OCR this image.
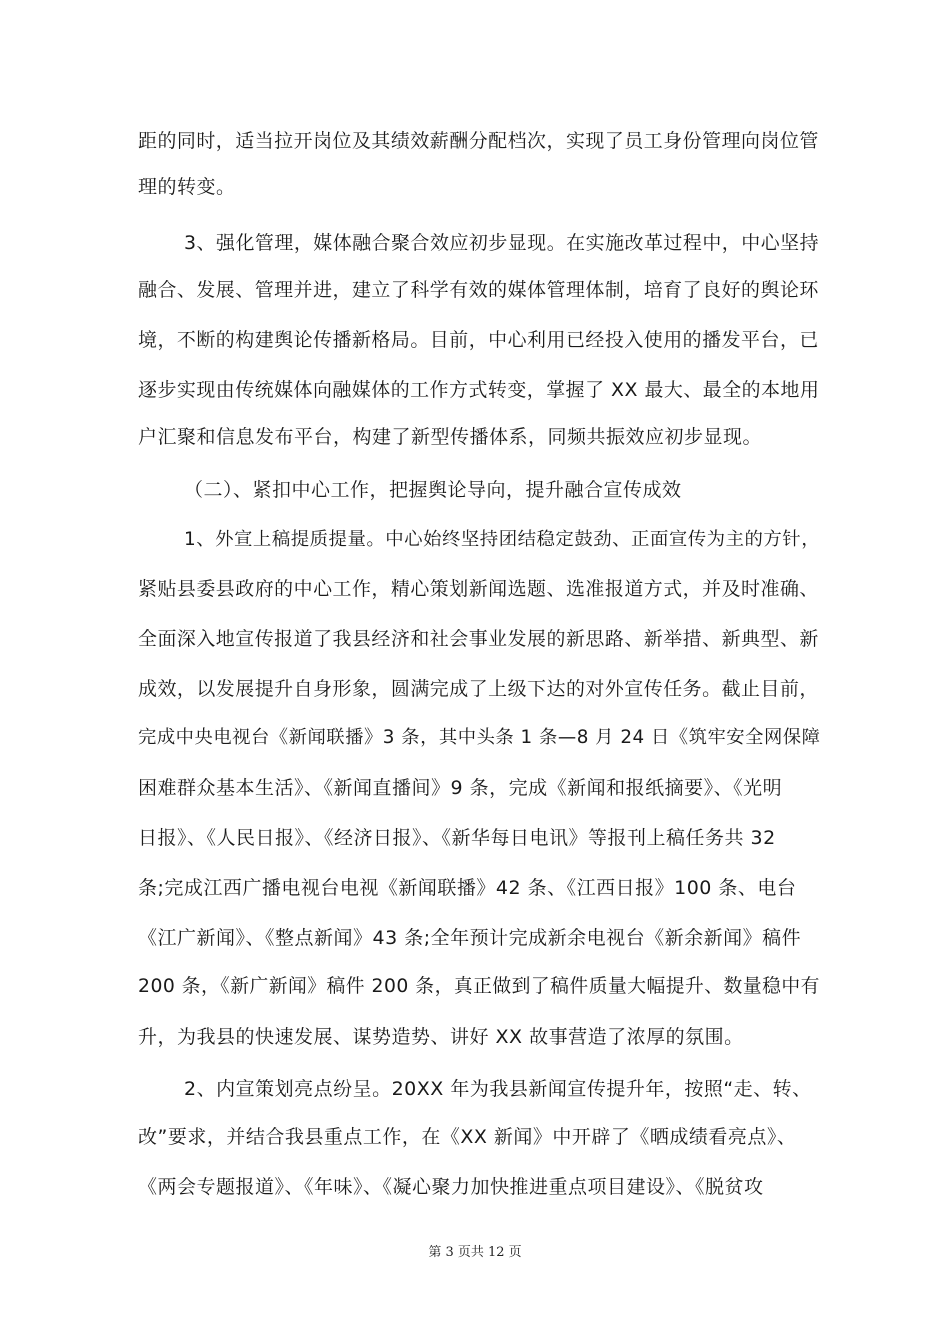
距的同时，适当拉开岗位及其绩效薪酬分配档次，实现了员工身份管理向岗位管
理的转变。
3、强化管理，媒体融合聚合效应初步显现。在实施改革过程中，中心坚持
融合、发展、管理并进，建立了科学有效的媒体管理体制，培育了良好的舆论环
境，不断的构建舆论传播新格局。目前，中心利用已经投入使用的播发平台，已
逐步实现由传统媒体向融媒体的工作方式转变，掌握了 XX 最大、最全的本地用
户汇聚和信息发布平台，构建了新型传播体系，同频共振效应初步显现。
（二）、紧扣中心工作，把握舆论导向，提升融合宣传成效
1、外宣上稿提质提量。中心始终坚持团结稳定鼓劲、正面宣传为主的方针，
紧贴县委县政府的中心工作，精心策划新闻选题、选准报道方式，并及时准确、
全面深入地宣传报道了我县经济和社会事业发展的新思路、新举措、新典型、新
成效，以发展提升自身形象，圆满完成了上级下达的对外宣传任务。截止目前，
完成中央电视台《新闻联播》3 条，其中头条 1 条—8 月 24 日《筑牢安全网保障
困难群众基本生活》、《新闻直播间》9 条，完成《新闻和报纸摘要》、《光明
日报》、《人民日报》、《经济日报》、《新华每日电讯》等报刊上稿任务共 32
条;完成江西广播电视台电视《新闻联播》42 条、《江西日报》100 条、电台
《江广新闻》、《整点新闻》43 条;全年预计完成新余电视台《新余新闻》稿件
200 条，《新广新闻》稿件 200 条，真正做到了稿件质量大幅提升、数量稳中有
升，为我县的快速发展、谋势造势、讲好 XX 故事营造了浓厚的氛围。
2、内宣策划亮点纷呈。20XX 年为我县新闻宣传提升年，按照“走、转、
改”要求，并结合我县重点工作，在《XX 新闻》中开辟了《晒成绩看亮点》、
《两会专题报道》、《年味》、《凝心聚力加快推进重点项目建设》、《脱贫攻
第 3 页共 12 页
